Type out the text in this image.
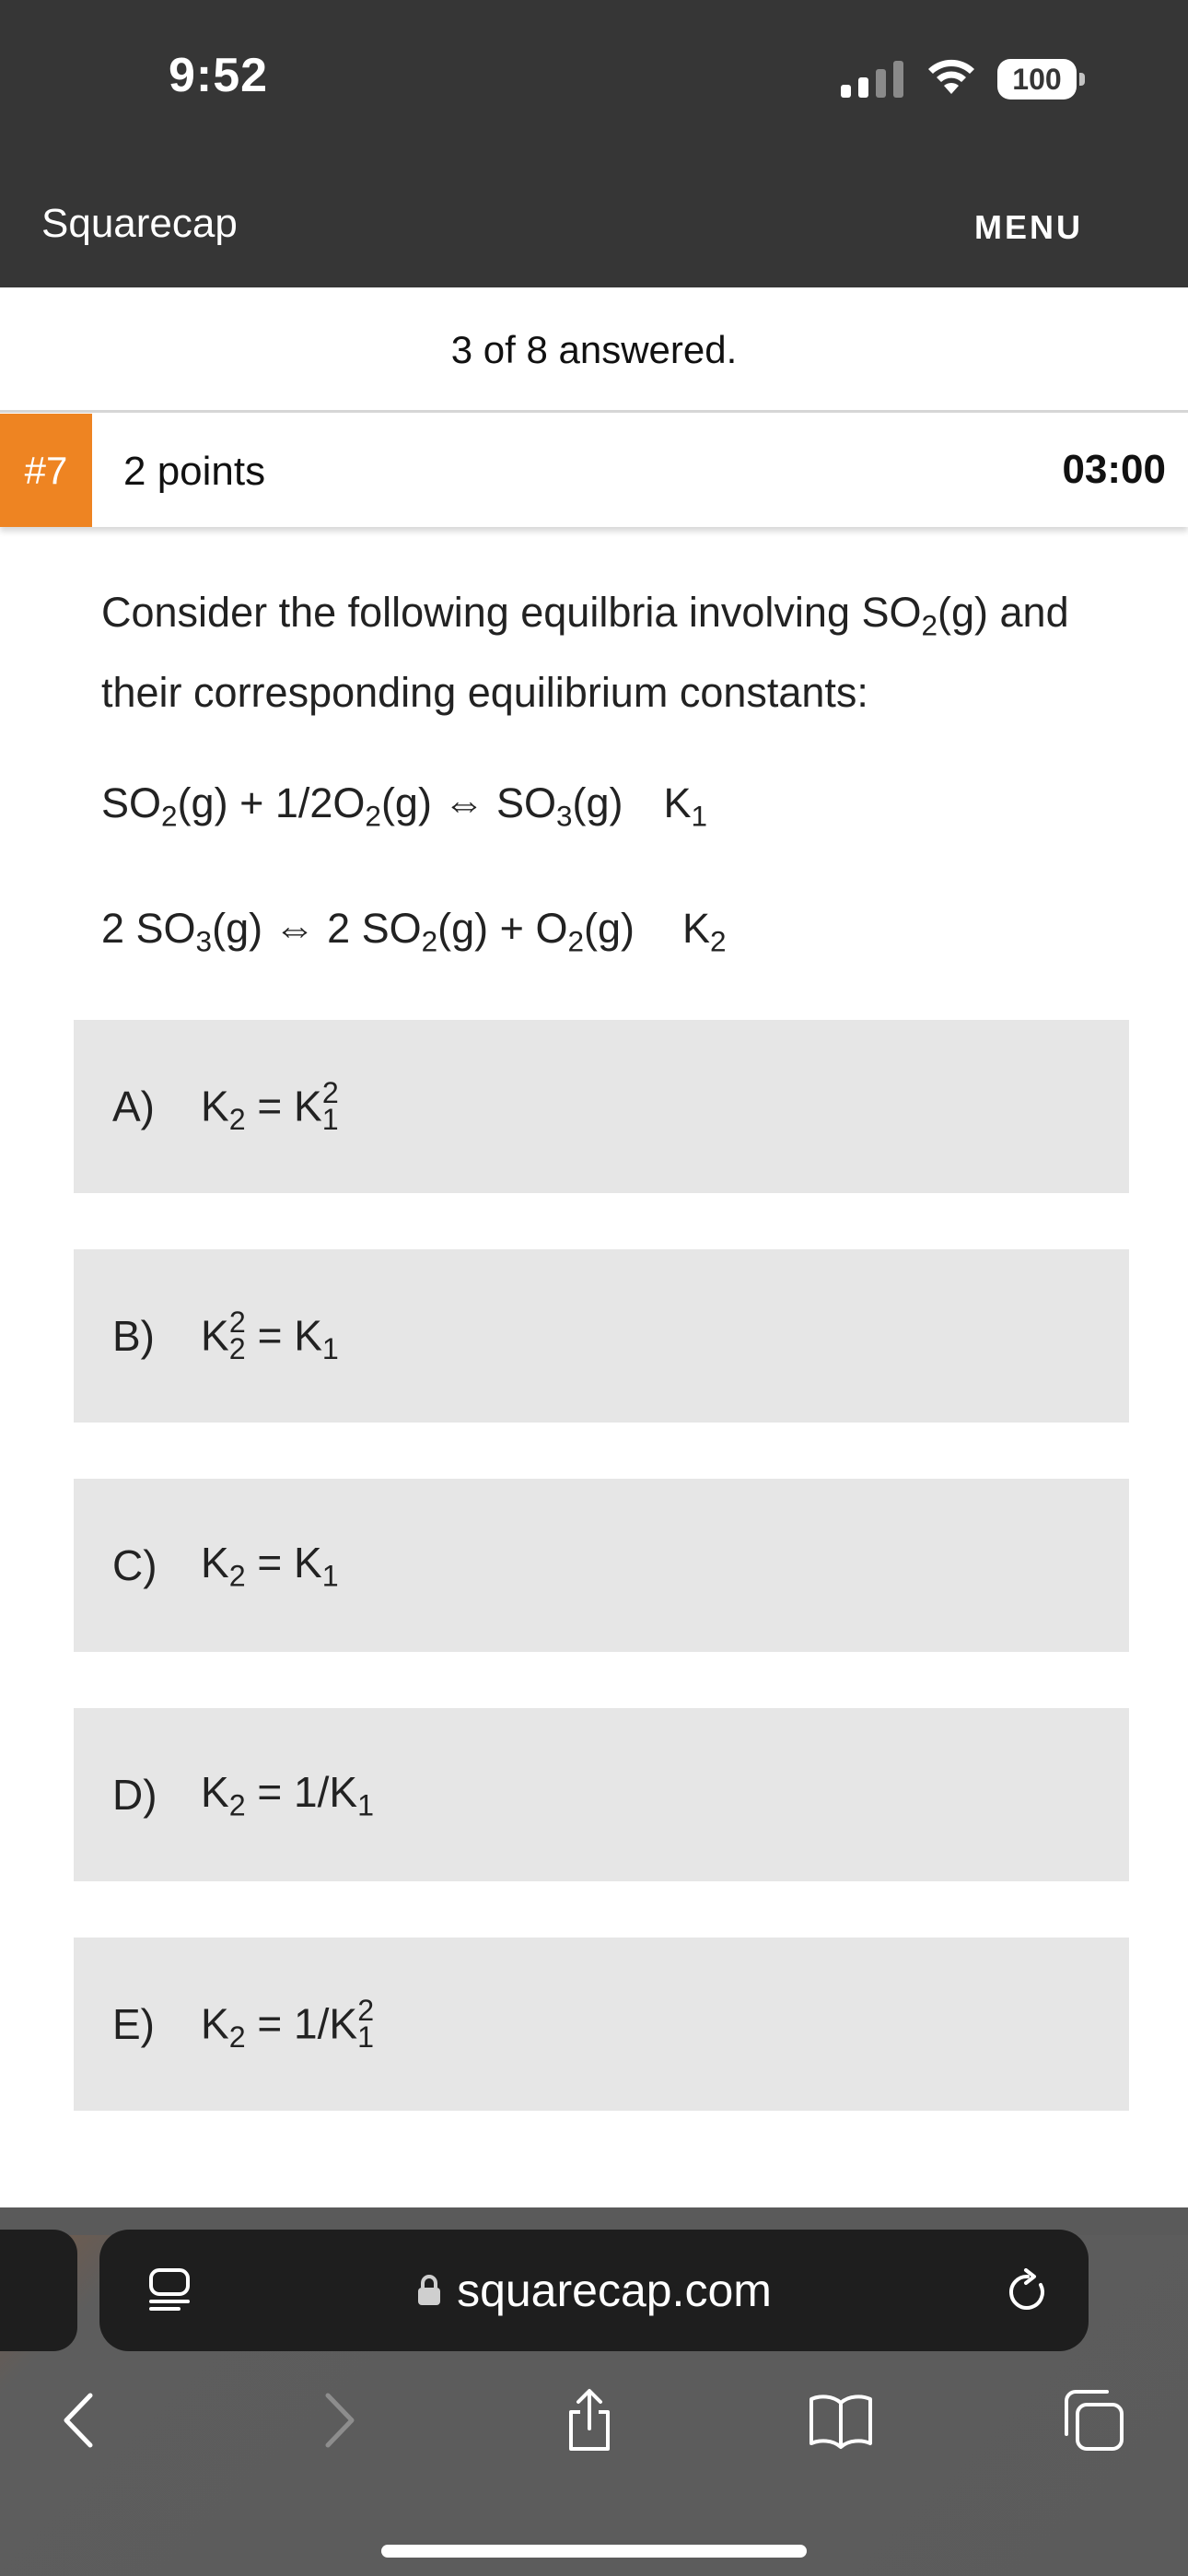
9:52	100
Squarecap	MENU
3 of 8 answered.
#7	2 points	03:00
Consider the following equilbria involving $SO_2(g)$ and their corresponding equilibrium constants:
$SO_2(g) + 1/2O_2(g)$ ⇔ $SO_3(g)$ $K_1$
2 $SO_3(g)$ ⇔ 2 $SO_2(g) + O_2(g)$ $K_2$
A)	$K_2 = K_1^2$
B)	$K_2^2 = K_1$
C)	$K_2 = K_1$
D)	$K_2 = 1/K_1$
E)	$K_2 = 1/K_1^2$
squarecap.com
